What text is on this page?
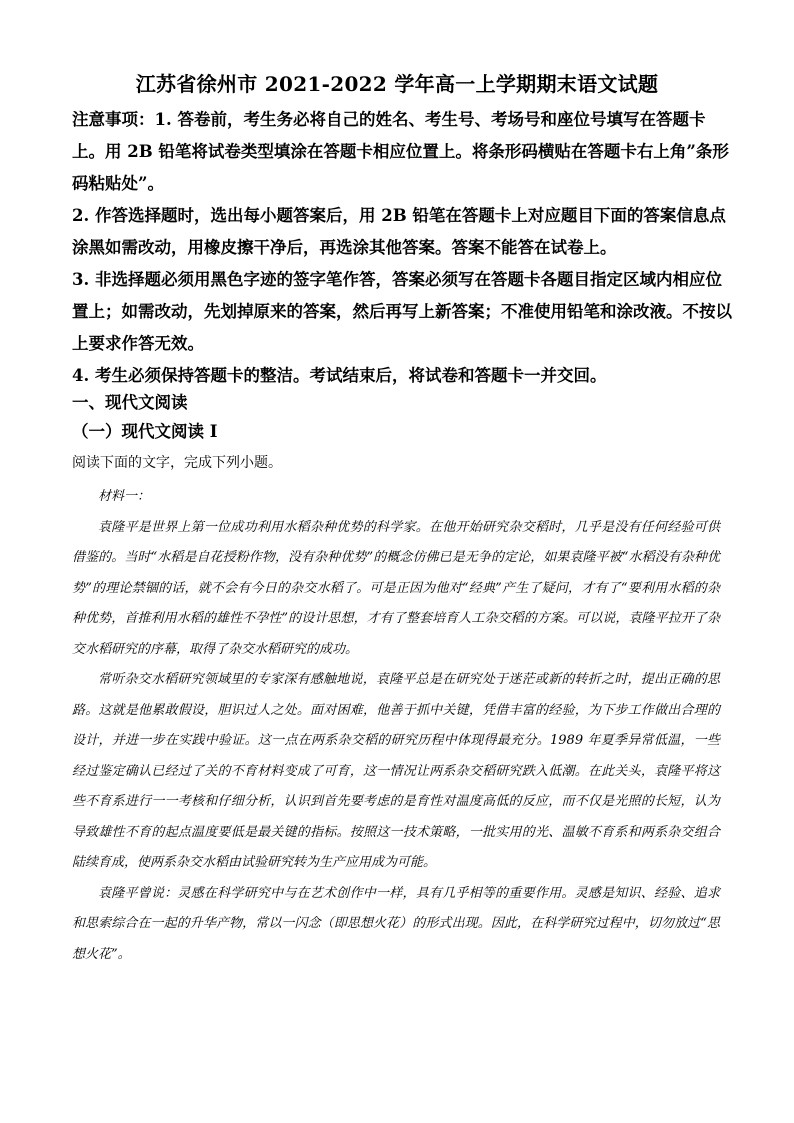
江苏省徐州市 2021-2022 学年高一上学期期末语文试题

注意事项：1. 答卷前，考生务必将自己的姓名、考生号、考场号和座位号填写在答题卡上。用 2B 铅笔将试卷类型填涂在答题卡相应位置上。将条形码横贴在答题卡右上角”条形码粘贴处”。

2. 作答选择题时，选出每小题答案后，用 2B 铅笔在答题卡上对应题目下面的答案信息点涂黑如需改动，用橡皮擦干净后，再选涂其他答案。答案不能答在试卷上。

3. 非选择题必须用黑色字迹的签字笔作答，答案必须写在答题卡各题目指定区域内相应位置上；如需改动，先划掉原来的答案，然后再写上新答案；不准使用铅笔和涂改液。不按以上要求作答无效。

4. 考生必须保持答题卡的整洁。考试结束后，将试卷和答题卡一并交回。

一、现代文阅读
（一）现代文阅读 I
阅读下面的文字，完成下列小题。

材料一：

袁隆平是世界上第一位成功利用水稻杂种优势的科学家。在他开始研究杂交稻时，几乎是没有任何经验可供借鉴的。当时“水稻是自花授粉作物，没有杂种优势”的概念仿佛已是无争的定论，如果袁隆平被“水稻没有杂种优势”的理论禁锢的话，就不会有今日的杂交水稻了。可是正因为他对“经典”产生了疑问，才有了“要利用水稻的杂种优势，首推利用水稻的雄性不孕性”的设计思想，才有了整套培育人工杂交稻的方案。可以说，袁隆平拉开了杂交水稻研究的序幕，取得了杂交水稻研究的成功。

常听杂交水稻研究领域里的专家深有感触地说，袁隆平总是在研究处于迷茫或新的转折之时，提出正确的思路。这就是他累敢假设，胆识过人之处。面对困难，他善于抓中关键，凭借丰富的经验，为下步工作做出合理的设计，并进一步在实践中验证。这一点在两系杂交稻的研究历程中体现得最充分。1989 年夏季异常低温，一些经过鉴定确认已经过了关的不育材料变成了可育，这一情况让两系杂交稻研究跌入低潮。在此关头，袁隆平将这些不育系进行一一考核和仔细分析，认识到首先要考虑的是育性对温度高低的反应，而不仅是光照的长短，认为导致雄性不育的起点温度要低是最关键的指标。按照这一技术策略，一批实用的光、温敏不育系和两系杂交组合陆续育成，使两系杂交水稻由试验研究转为生产应用成为可能。

袁隆平曾说：灵感在科学研究中与在艺术创作中一样，具有几乎相等的重要作用。灵感是知识、经验、追求和思索综合在一起的升华产物，常以一闪念（即思想火花）的形式出现。因此，在科学研究过程中，切勿放过“思想火花”。
